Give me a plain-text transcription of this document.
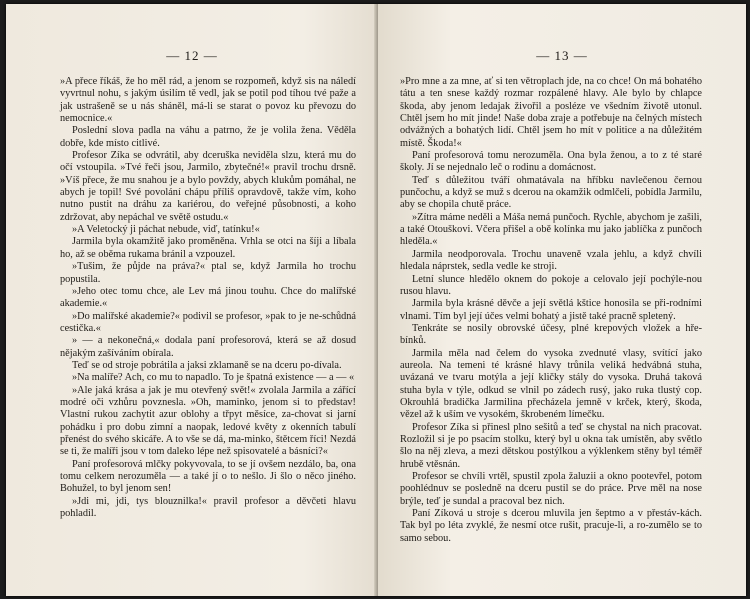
— 12 —

»A přece říkáš, že ho měl rád, a jenom se rozpomeň, když sis na náledí vyvrtnul nohu, s jakým úsilím tě vedl, jak se potil pod tíhou tvé paže a jak ustrašeně se u nás sháněl, má-li se starat o povoz ku převozu do nemocnice.«

Poslední slova padla na váhu a patrno, že je volila žena. Věděla dobře, kde místo citlivé.

Profesor Zíka se odvrátil, aby dceruška neviděla slzu, která mu do očí vstoupila. »Tvé řeči jsou, Jarmilo, zbytečné!« pravil trochu drsně. »Víš přece, že mu snahou je a bylo povždy, abych klukům pomáhal, ne abych je topil! Své povolání chápu příliš opravdově, takže vím, koho nutno pustit na dráhu za kariérou, do veřejné působnosti, a koho zdržovat, aby nepáchal ve světě ostudu.«

»A Veletocký ji páchat nebude, viď, tatínku!«

Jarmila byla okamžitě jako proměněna. Vrhla se otci na šíji a líbala ho, až se oběma rukama bránil a vzpouzel.

»Tušim, že půjde na práva?« ptal se, když Jarmila ho trochu popustila.

»Jeho otec tomu chce, ale Lev má jinou touhu. Chce do malířské akademie.«

»Do malířské akademie?« podivil se profesor, »pak to je ne-schůdná cestička.«

» — a nekonečná,« dodala paní profesorová, která se až dosud nějakým zašíváním obírala.

Teď se od stroje pobrátila a jaksi zklamaně se na dceru po-dívala.

»Na malíře? Ach, co mu to napadlo. To je špatná existence — a — «

»Ale jaká krása a jak je mu otevřený svět!« zvolala Jarmila a zářící modré oči vzhůru povznesla. »Oh, maminko, jenom si to představ! Vlastní rukou zachytit azur oblohy a třpyt měsíce, za-chovat si jarní pohádku i pro dobu zimní a naopak, ledové květy z okenních tabulí přenést do svého skicáře. A to vše se dá, ma-minko, štětcem říci! Nezdá se ti, že malíři jsou v tom daleko lépe než spisovatelé a básníci?«

Paní profesorová mlčky pokyvovala, to se jí ovšem nezdálo, ba, ona tomu celkem nerozuměla — a také jí o to nešlo. Ji šlo o něco jiného. Bohužel, to byl jenom sen!

»Jdi mi, jdi, tys blouznilka!« pravil profesor a děvčeti hlavu pohladil.

— 13 —

»Pro mne a za mne, ať si ten větroplach jde, na co chce! On má bohatého tátu a ten snese každý rozmar rozpálené hlavy. Ale bylo by chlapce škoda, aby jenom ledajak živořil a posléze ve všedním životě utonul. Chtěl jsem ho mít jinde! Naše doba zraje a potřebuje na čelných místech odvážných a bohatých lidí. Chtěl jsem ho mít v politice a na důležitém místě. Škoda!«

Paní profesorová tomu nerozuměla. Ona byla ženou, a to z té staré školy. Jí se nejednalo leč o rodinu a domácnost.

Teď s důležitou tváří ohmatávala na hříbku navlečenou černou punčochu, a když se muž s dcerou na okamžik odmlčeli, pobídla Jarmilu, aby se chopila chutě práce.

»Zítra máme neděli a Máša nemá punčoch. Rychle, abychom je zašili, a také Otouškovi. Včera přišel a obě kolínka mu jako jablíčka z punčoch hleděla.«

Jarmila neodporovala. Trochu unaveně vzala jehlu, a když chvíli hledala náprstek, sedla vedle ke stroji.

Letní slunce hledělo oknem do pokoje a celovalo její pochýle-nou rusou hlavu.

Jarmila byla krásné děvče a její světlá kštice honosila se při-rodními vlnami. Tím byl její účes velmi bohatý a jistě také pracně spletený.

Tenkráte se nosily obrovské účesy, plné krepových vložek a hře-bínků.

Jarmila měla nad čelem do vysoka zvednuté vlasy, svítící jako aureola. Na temeni té krásné hlavy trůnila veliká hedvábná stuha, uvázaná ve tvaru motýla a její kličky stály do vysoka. Druhá taková stuha byla v týle, odkud se vlnil po zádech rusý, jako ruka tlustý cop. Okrouhlá bradička Jarmilina přecházela jemně v krček, který, škoda, vězel až k uším ve vysokém, škrobeném límečku.

Profesor Zíka si přinesl plno sešitů a teď se chystal na nich pracovat. Rozložil si je po psacím stolku, který byl u okna tak umístěn, aby světlo šlo na něj zleva, a mezi dětskou postýlkou a výklenkem stěny byl téměř hrubě vtěsnán.

Profesor se chvíli vrtěl, spustil zpola žaluzii a okno pootevřel, potom poohlédnuv se posledně na dceru pustil se do práce. Prve měl na nose brýle, teď je sundal a pracoval bez nich.

Paní Zíková u stroje s dcerou mluvila jen šeptmo a v přestáv-kách. Tak byl po léta zvyklé, že nesmí otce rušit, pracuje-li, a ro-zumělo se to samo sebou.
